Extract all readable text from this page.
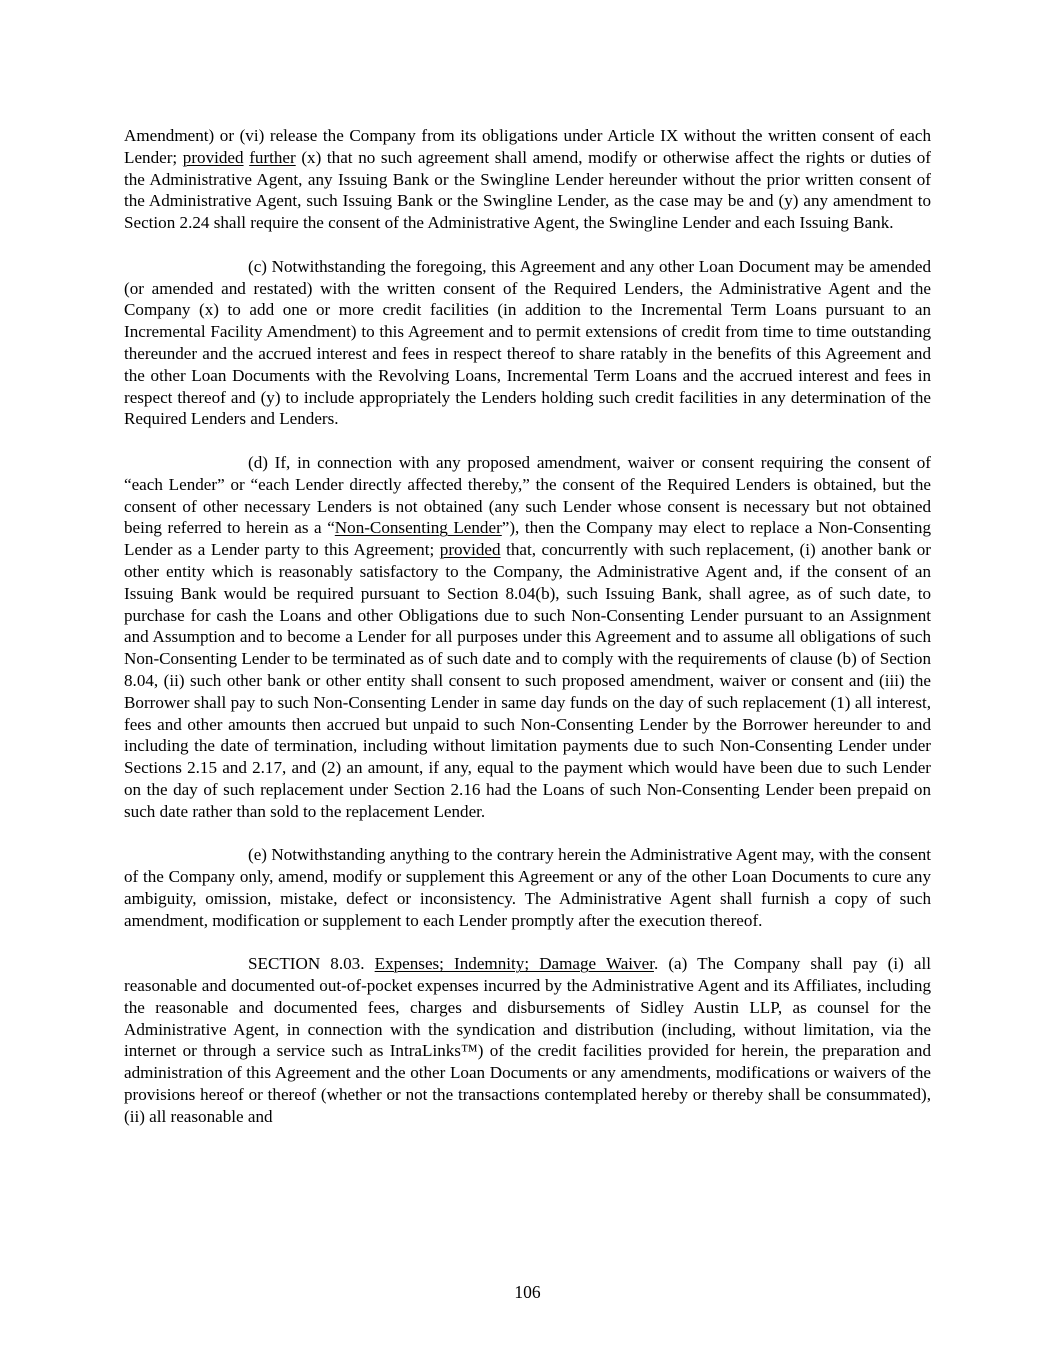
Amendment) or (vi) release the Company from its obligations under Article IX without the written consent of each Lender; provided further (x) that no such agreement shall amend, modify or otherwise affect the rights or duties of the Administrative Agent, any Issuing Bank or the Swingline Lender hereunder without the prior written consent of the Administrative Agent, such Issuing Bank or the Swingline Lender, as the case may be and (y) any amendment to Section 2.24 shall require the consent of the Administrative Agent, the Swingline Lender and each Issuing Bank.

(c) Notwithstanding the foregoing, this Agreement and any other Loan Document may be amended (or amended and restated) with the written consent of the Required Lenders, the Administrative Agent and the Company (x) to add one or more credit facilities (in addition to the Incremental Term Loans pursuant to an Incremental Facility Amendment) to this Agreement and to permit extensions of credit from time to time outstanding thereunder and the accrued interest and fees in respect thereof to share ratably in the benefits of this Agreement and the other Loan Documents with the Revolving Loans, Incremental Term Loans and the accrued interest and fees in respect thereof and (y) to include appropriately the Lenders holding such credit facilities in any determination of the Required Lenders and Lenders.

(d) If, in connection with any proposed amendment, waiver or consent requiring the consent of “each Lender” or “each Lender directly affected thereby,” the consent of the Required Lenders is obtained, but the consent of other necessary Lenders is not obtained (any such Lender whose consent is necessary but not obtained being referred to herein as a “Non-Consenting Lender”), then the Company may elect to replace a Non-Consenting Lender as a Lender party to this Agreement; provided that, concurrently with such replacement, (i) another bank or other entity which is reasonably satisfactory to the Company, the Administrative Agent and, if the consent of an Issuing Bank would be required pursuant to Section 8.04(b), such Issuing Bank, shall agree, as of such date, to purchase for cash the Loans and other Obligations due to such Non-Consenting Lender pursuant to an Assignment and Assumption and to become a Lender for all purposes under this Agreement and to assume all obligations of such Non-Consenting Lender to be terminated as of such date and to comply with the requirements of clause (b) of Section 8.04, (ii) such other bank or other entity shall consent to such proposed amendment, waiver or consent and (iii) the Borrower shall pay to such Non-Consenting Lender in same day funds on the day of such replacement (1) all interest, fees and other amounts then accrued but unpaid to such Non-Consenting Lender by the Borrower hereunder to and including the date of termination, including without limitation payments due to such Non-Consenting Lender under Sections 2.15 and 2.17, and (2) an amount, if any, equal to the payment which would have been due to such Lender on the day of such replacement under Section 2.16 had the Loans of such Non-Consenting Lender been prepaid on such date rather than sold to the replacement Lender.

(e) Notwithstanding anything to the contrary herein the Administrative Agent may, with the consent of the Company only, amend, modify or supplement this Agreement or any of the other Loan Documents to cure any ambiguity, omission, mistake, defect or inconsistency. The Administrative Agent shall furnish a copy of such amendment, modification or supplement to each Lender promptly after the execution thereof.

SECTION 8.03. Expenses; Indemnity; Damage Waiver. (a) The Company shall pay (i) all reasonable and documented out-of-pocket expenses incurred by the Administrative Agent and its Affiliates, including the reasonable and documented fees, charges and disbursements of Sidley Austin LLP, as counsel for the Administrative Agent, in connection with the syndication and distribution (including, without limitation, via the internet or through a service such as IntraLinks™) of the credit facilities provided for herein, the preparation and administration of this Agreement and the other Loan Documents or any amendments, modifications or waivers of the provisions hereof or thereof (whether or not the transactions contemplated hereby or thereby shall be consummated), (ii) all reasonable and

106
